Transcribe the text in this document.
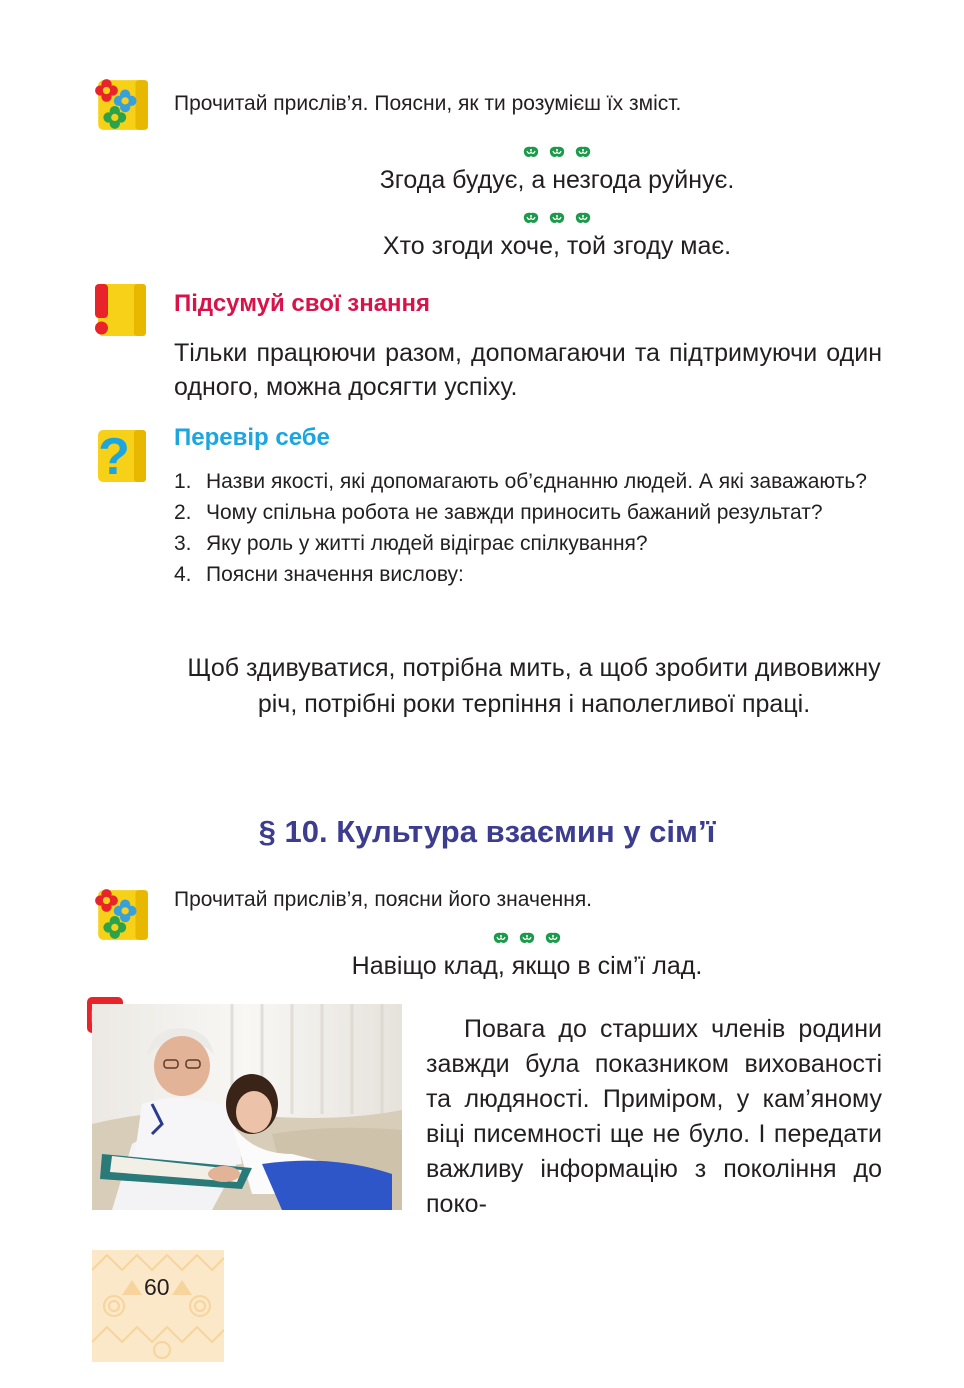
Прочитай прислів’я. Поясни, як ти розумієш їх зміст.
Згода будує, а незгода руйнує.
Хто згоди хоче, той згоду має.
Підсумуй свої знання
Тільки працюючи разом, допомагаючи та підтримуючи один одного, можна досягти успіху.
? Перевір себе
1. Назви якості, які допомагають об’єднанню людей. А які заважають?
2. Чому спільна робота не завжди приносить бажаний результат?
3. Яку роль у житті людей відіграє спілкування?
4. Поясни значення вислову:
Щоб здивуватися, потрібна мить, а щоб зробити дивовижну річ, потрібні роки терпіння і наполегливої праці.
§ 10. Культура взаємин у сім’ї
Прочитай прислів’я, поясни його значення.
Навіщо клад, якщо в сім’ї лад.
Повага до старших членів родини завжди була показником вихованості та людяності. Приміром, у кам’яному віці писемності ще не було. І передати важливу інформацію з покоління до поко-
60
